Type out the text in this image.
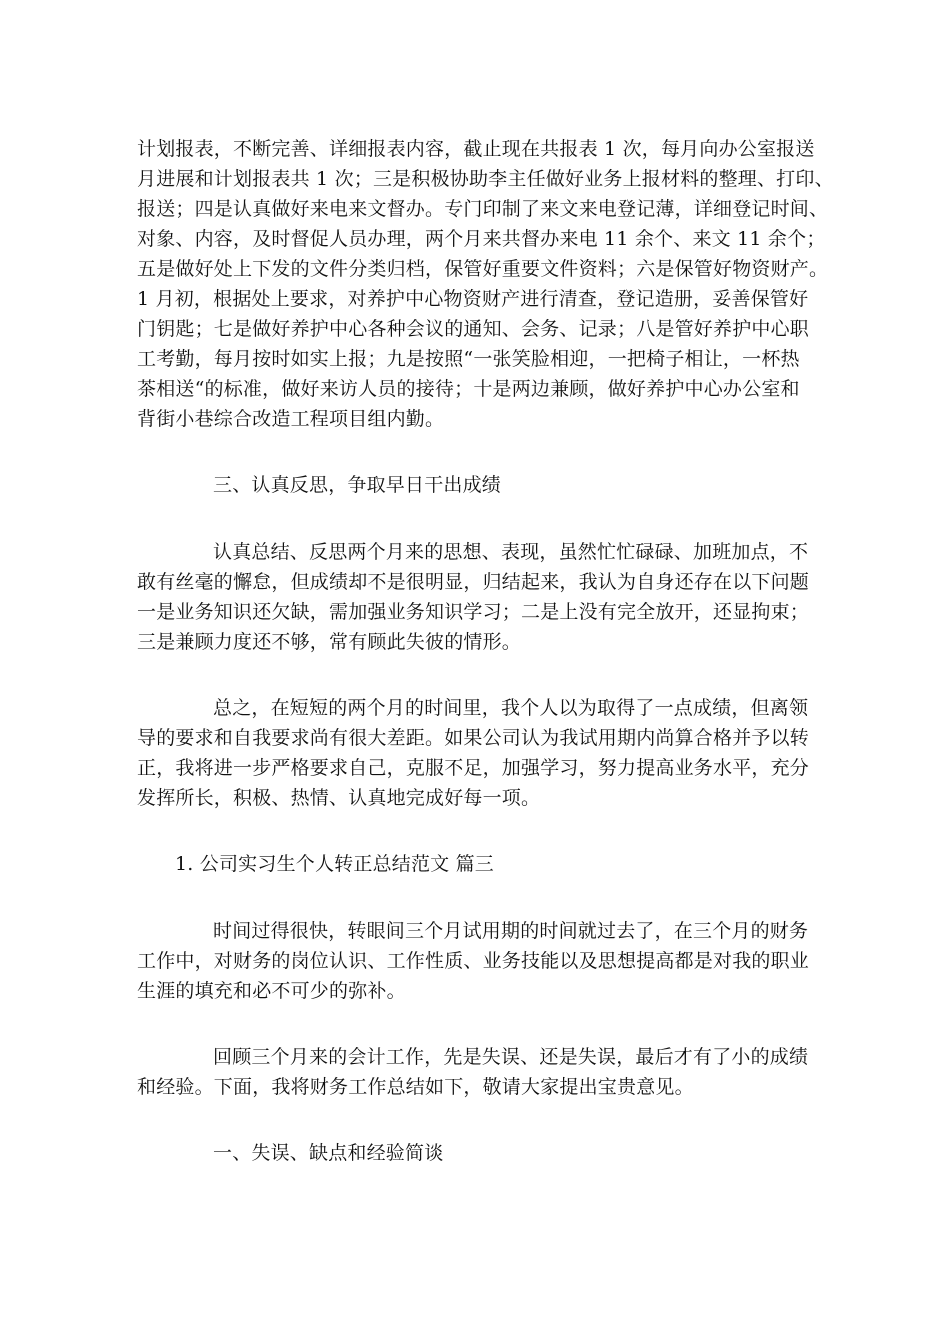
计划报表，不断完善、详细报表内容，截止现在共报表 1 次，每月向办公室报送
月进展和计划报表共 1 次；三是积极协助李主任做好业务上报材料的整理、打印、
报送；四是认真做好来电来文督办。专门印制了来文来电登记薄，详细登记时间、
对象、内容，及时督促人员办理，两个月来共督办来电 11 余个、来文 11 余个；
五是做好处上下发的文件分类归档，保管好重要文件资料；六是保管好物资财产。
1 月初，根据处上要求，对养护中心物资财产进行清查，登记造册，妥善保管好
门钥匙；七是做好养护中心各种会议的通知、会务、记录；八是管好养护中心职
工考勤，每月按时如实上报；九是按照“一张笑脸相迎，一把椅子相让，一杯热
茶相送“的标准，做好来访人员的接待；十是两边兼顾，做好养护中心办公室和
背街小巷综合改造工程项目组内勤。
三、认真反思，争取早日干出成绩
认真总结、反思两个月来的思想、表现，虽然忙忙碌碌、加班加点，不
敢有丝毫的懈怠，但成绩却不是很明显，归结起来，我认为自身还存在以下问题
一是业务知识还欠缺，需加强业务知识学习；二是上没有完全放开，还显拘束；
三是兼顾力度还不够，常有顾此失彼的情形。
总之，在短短的两个月的时间里，我个人以为取得了一点成绩，但离领
导的要求和自我要求尚有很大差距。如果公司认为我试用期内尚算合格并予以转
正，我将进一步严格要求自己，克服不足，加强学习，努力提高业务水平，充分
发挥所长，积极、热情、认真地完成好每一项。
1. 公司实习生个人转正总结范文 篇三
时间过得很快，转眼间三个月试用期的时间就过去了，在三个月的财务
工作中，对财务的岗位认识、工作性质、业务技能以及思想提高都是对我的职业
生涯的填充和必不可少的弥补。
回顾三个月来的会计工作，先是失误、还是失误，最后才有了小的成绩
和经验。下面，我将财务工作总结如下，敬请大家提出宝贵意见。
一、失误、缺点和经验简谈
